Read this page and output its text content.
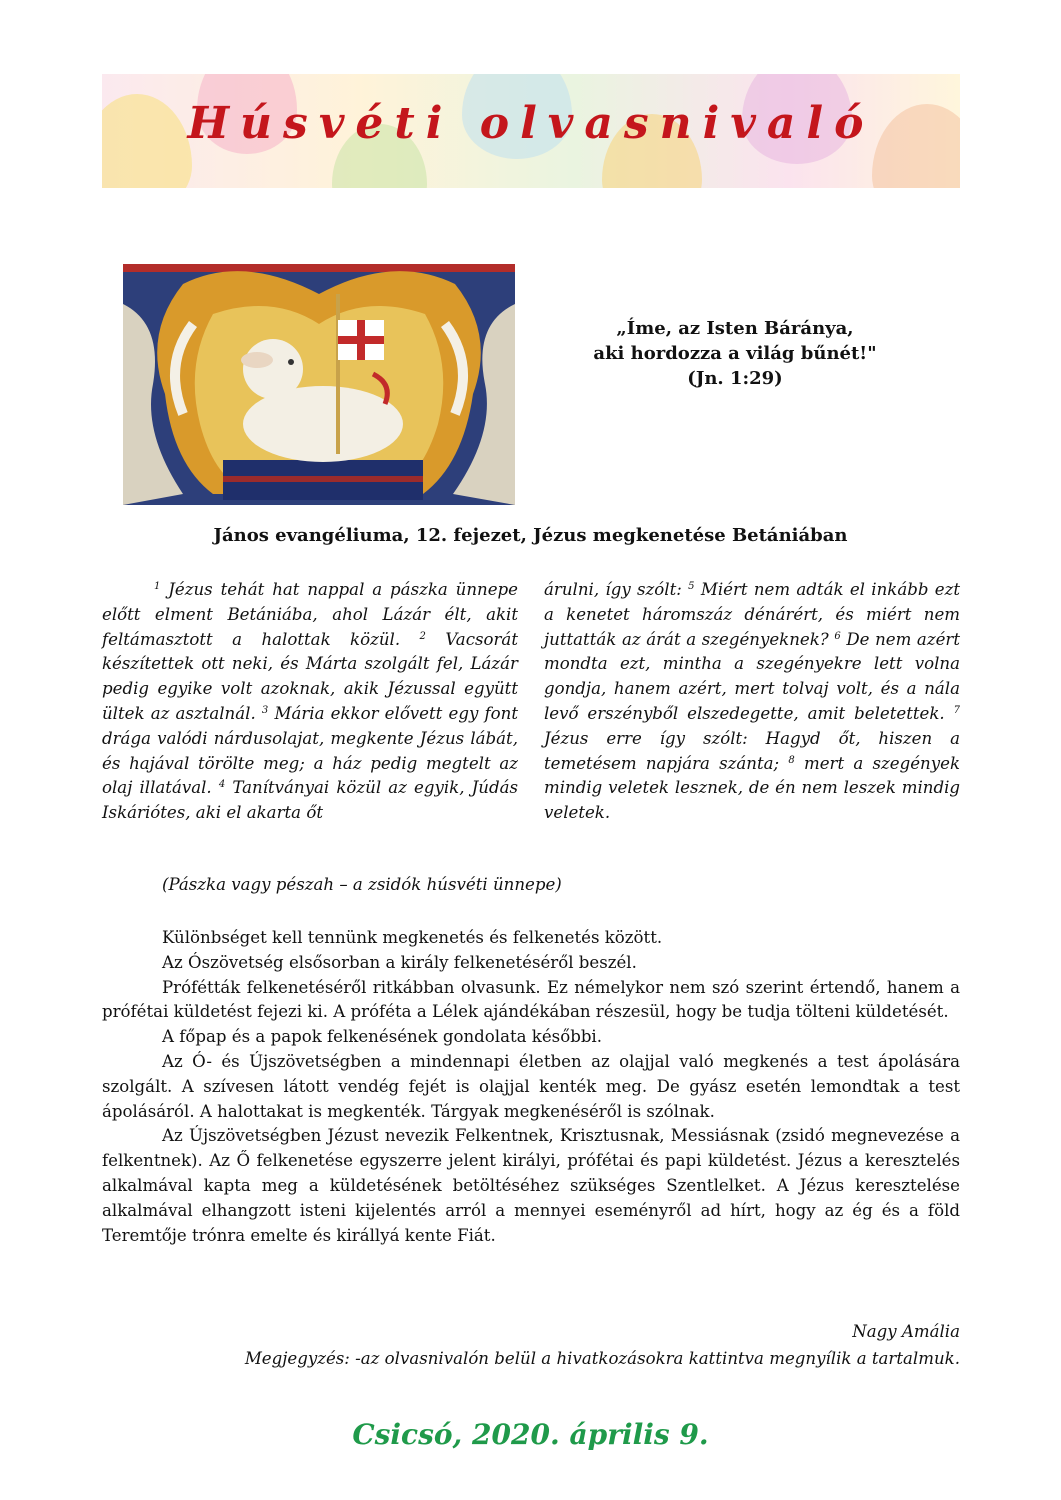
Húsvéti olvasnivaló
„Íme, az Isten Báránya,
aki hordozza a világ bűnét!"
(Jn. 1:29)
János evangéliuma, 12. fejezet, Jézus megkenetése Betániában
$^1$ Jézus tehát hat nappal a pászka ünnepe előtt elment Betániába, ahol Lázár élt, akit feltámasztott a halottak közül. $^2$ Vacsorát készítettek ott neki, és Márta szolgált fel, Lázár pedig egyike volt azoknak, akik Jézussal együtt ültek az asztalnál. $^3$ Mária ekkor elővett egy font drága valódi nárdusolajat, megkente Jézus lábát, és hajával törölte meg; a ház pedig megtelt az olaj illatával. $^4$ Tanítványai közül az egyik, Júdás Iskáriótes, aki el akarta őt
árulni, így szólt: $^5$ Miért nem adták el inkább ezt a kenetet háromszáz dénárért, és miért nem juttatták az árát a szegényeknek? $^6$ De nem azért mondta ezt, mintha a szegényekre lett volna gondja, hanem azért, mert tolvaj volt, és a nála levő erszényből elszedegette, amit beletettek. $^7$ Jézus erre így szólt: Hagyd őt, hiszen a temetésem napjára szánta; $^8$ mert a szegények mindig veletek lesznek, de én nem leszek mindig veletek.
(Pászka vagy pészah – a zsidók húsvéti ünnepe)

Különbséget kell tennünk megkenetés és felkenetés között.

Az Ószövetség elsősorban a király felkenetéséről beszél.

Prófétták felkenetéséről ritkábban olvasunk. Ez némelykor nem szó szerint értendő, hanem a prófétai küldetést fejezi ki. A próféta a Lélek ajándékában részesül, hogy be tudja tölteni küldetését.

A főpap és a papok felkenésének gondolata későbbi.

Az Ó- és Újszövetségben a mindennapi életben az olajjal való megkenés a test ápolására szolgált. A szívesen látott vendég fejét is olajjal kenték meg. De gyász esetén lemondtak a test ápolásáról. A halottakat is megkenték. Tárgyak megkenéséről is szólnak.

Az Újszövetségben Jézust nevezik Felkentnek, Krisztusnak, Messiásnak (zsidó megnevezése a felkentnek). Az Ő felkenetése egyszerre jelent királyi, prófétai és papi küldetést. Jézus a keresztelés alkalmával kapta meg a küldetésének betöltéséhez szükséges Szentlelket. A Jézus keresztelése alkalmával elhangzott isteni kijelentés arról a mennyei eseményről ad hírt, hogy az ég és a föld Teremtője trónra emelte és királlyá kente Fiát.

Nagy Amália
Megjegyzés: -az olvasnivalón belül a hivatkozásokra kattintva megnyílik a tartalmuk.
Csicsó, 2020. április 9.
